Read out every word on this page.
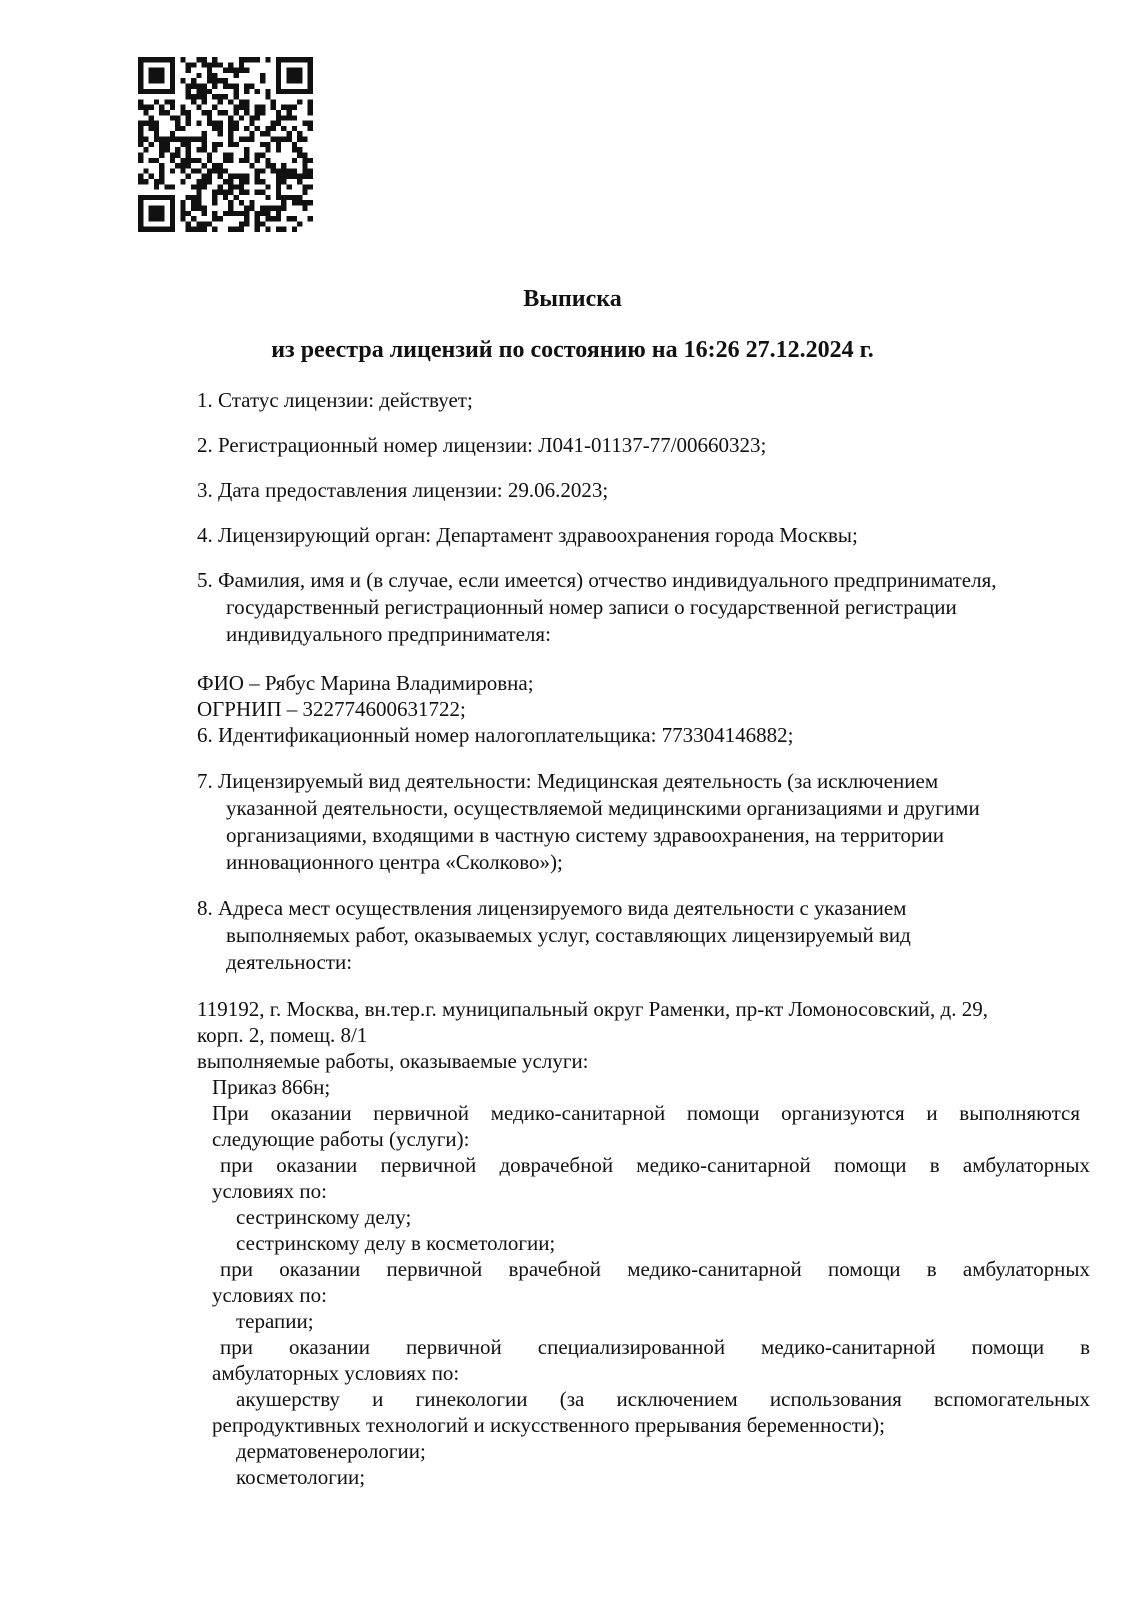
Выписка
из реестра лицензий по состоянию на 16:26 27.12.2024 г.
1. Статус лицензии: действует;
2. Регистрационный номер лицензии: Л041-01137-77/00660323;
3. Дата предоставления лицензии: 29.06.2023;
4. Лицензирующий орган: Департамент здравоохранения города Москвы;
5. Фамилия, имя и (в случае, если имеется) отчество индивидуального предпринимателя,
государственный регистрационный номер записи о государственной регистрации
индивидуального предпринимателя:
ФИО – Рябус Марина Владимировна;
ОГРНИП – 322774600631722;
6. Идентификационный номер налогоплательщика: 773304146882;
7. Лицензируемый вид деятельности: Медицинская деятельность (за исключением
указанной деятельности, осуществляемой медицинскими организациями и другими
организациями, входящими в частную систему здравоохранения, на территории
инновационного центра «Сколково»);
8. Адреса мест осуществления лицензируемого вида деятельности с указанием
выполняемых работ, оказываемых услуг, составляющих лицензируемый вид
деятельности:
119192, г. Москва, вн.тер.г. муниципальный округ Раменки, пр-кт Ломоносовский, д. 29,
корп. 2, помещ. 8/1
выполняемые работы, оказываемые услуги:
Приказ 866н;
При оказании первичной медико-санитарной помощи организуются и выполняются
следующие работы (услуги):
при оказании первичной доврачебной медико-санитарной помощи в амбулаторных
условиях по:
сестринскому делу;
сестринскому делу в косметологии;
при оказании первичной врачебной медико-санитарной помощи в амбулаторных
условиях по:
терапии;
при оказании первичной специализированной медико-санитарной помощи в
амбулаторных условиях по:
акушерству и гинекологии (за исключением использования вспомогательных
репродуктивных технологий и искусственного прерывания беременности);
дерматовенерологии;
косметологии;
